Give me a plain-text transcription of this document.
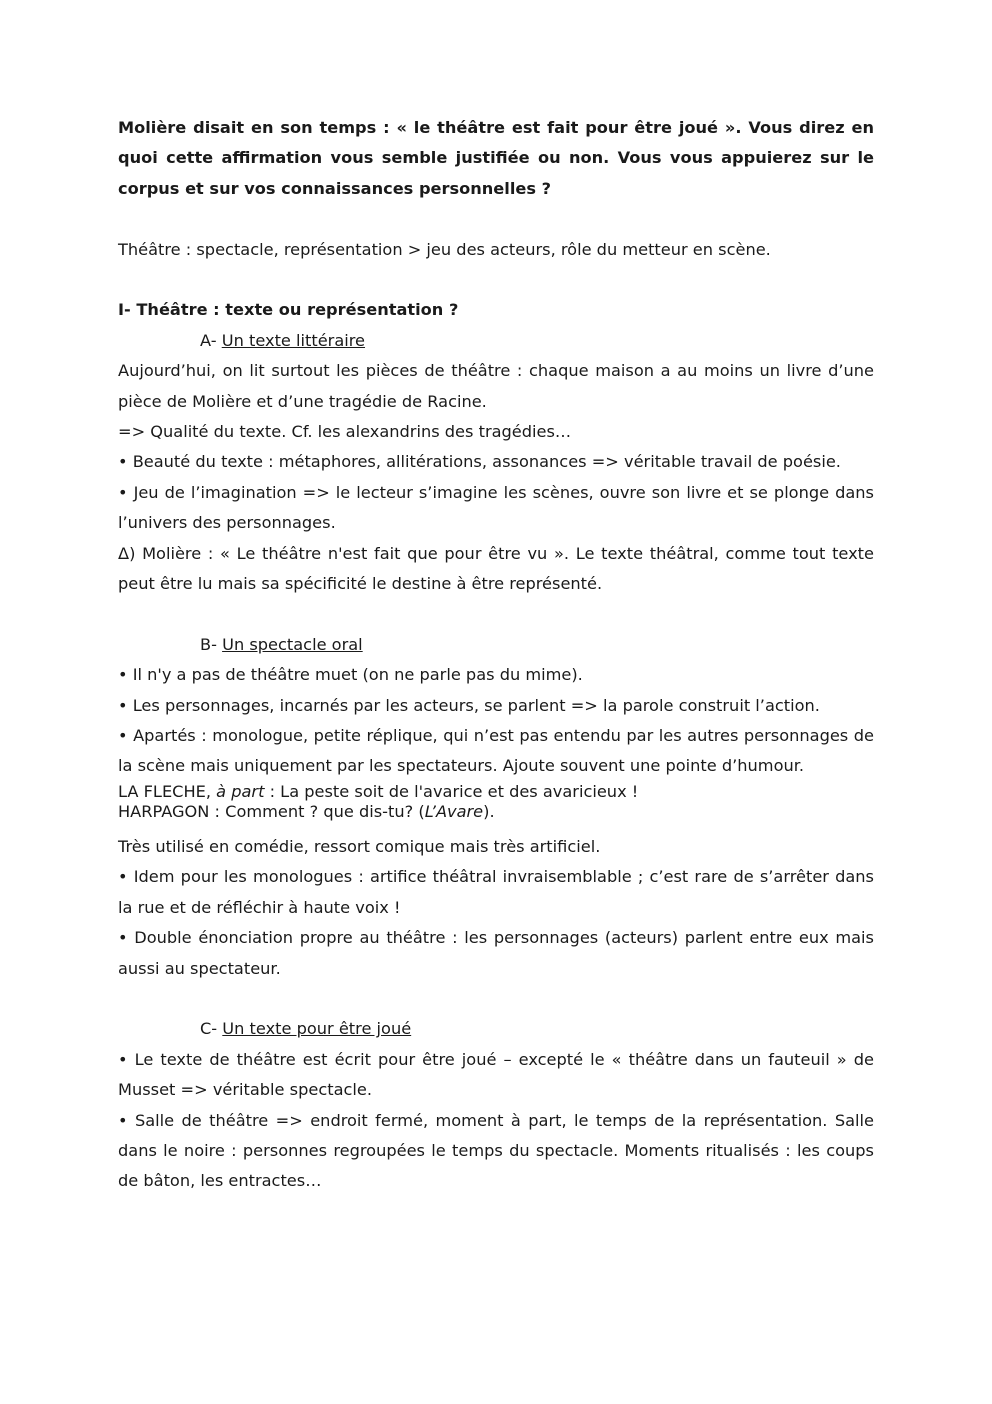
Molière disait en son temps : « le théâtre est fait pour être joué ». Vous direz en quoi cette affirmation vous semble justifiée ou non. Vous vous appuierez sur le corpus et sur vos connaissances personnelles ?

Théâtre : spectacle, représentation > jeu des acteurs, rôle du metteur en scène.

I- Théâtre : texte ou représentation ?

A- Un texte littéraire

Aujourd’hui, on lit surtout les pièces de théâtre : chaque maison a au moins un livre d’une pièce de Molière et d’une tragédie de Racine.

=> Qualité du texte. Cf. les alexandrins des tragédies…

• Beauté du texte : métaphores, allitérations, assonances => véritable travail de poésie.

• Jeu de l’imagination => le lecteur s’imagine les scènes, ouvre son livre et se plonge dans l’univers des personnages.

Δ) Molière : « Le théâtre n'est fait que pour être vu ». Le texte théâtral, comme tout texte peut être lu mais sa spécificité le destine à être représenté.

B- Un spectacle oral

• Il n'y a pas de théâtre muet (on ne parle pas du mime).

• Les personnages, incarnés par les acteurs, se parlent => la parole construit l’action.

• Apartés : monologue, petite réplique, qui n’est pas entendu par les autres personnages de la scène mais uniquement par les spectateurs. Ajoute souvent une pointe d’humour.

LA FLECHE, à part : La peste soit de l'avarice et des avaricieux !

HARPAGON : Comment ? que dis-tu? (L’Avare).

Très utilisé en comédie, ressort comique mais très artificiel.

• Idem pour les monologues : artifice théâtral invraisemblable ; c’est rare de s’arrêter dans la rue et de réfléchir à haute voix !

• Double énonciation propre au théâtre : les personnages (acteurs) parlent entre eux mais aussi au spectateur.

C- Un texte pour être joué

• Le texte de théâtre est écrit pour être joué – excepté le « théâtre dans un fauteuil » de Musset => véritable spectacle.

• Salle de théâtre => endroit fermé, moment à part, le temps de la représentation. Salle dans le noire : personnes regroupées le temps du spectacle. Moments ritualisés : les coups de bâton, les entractes…
